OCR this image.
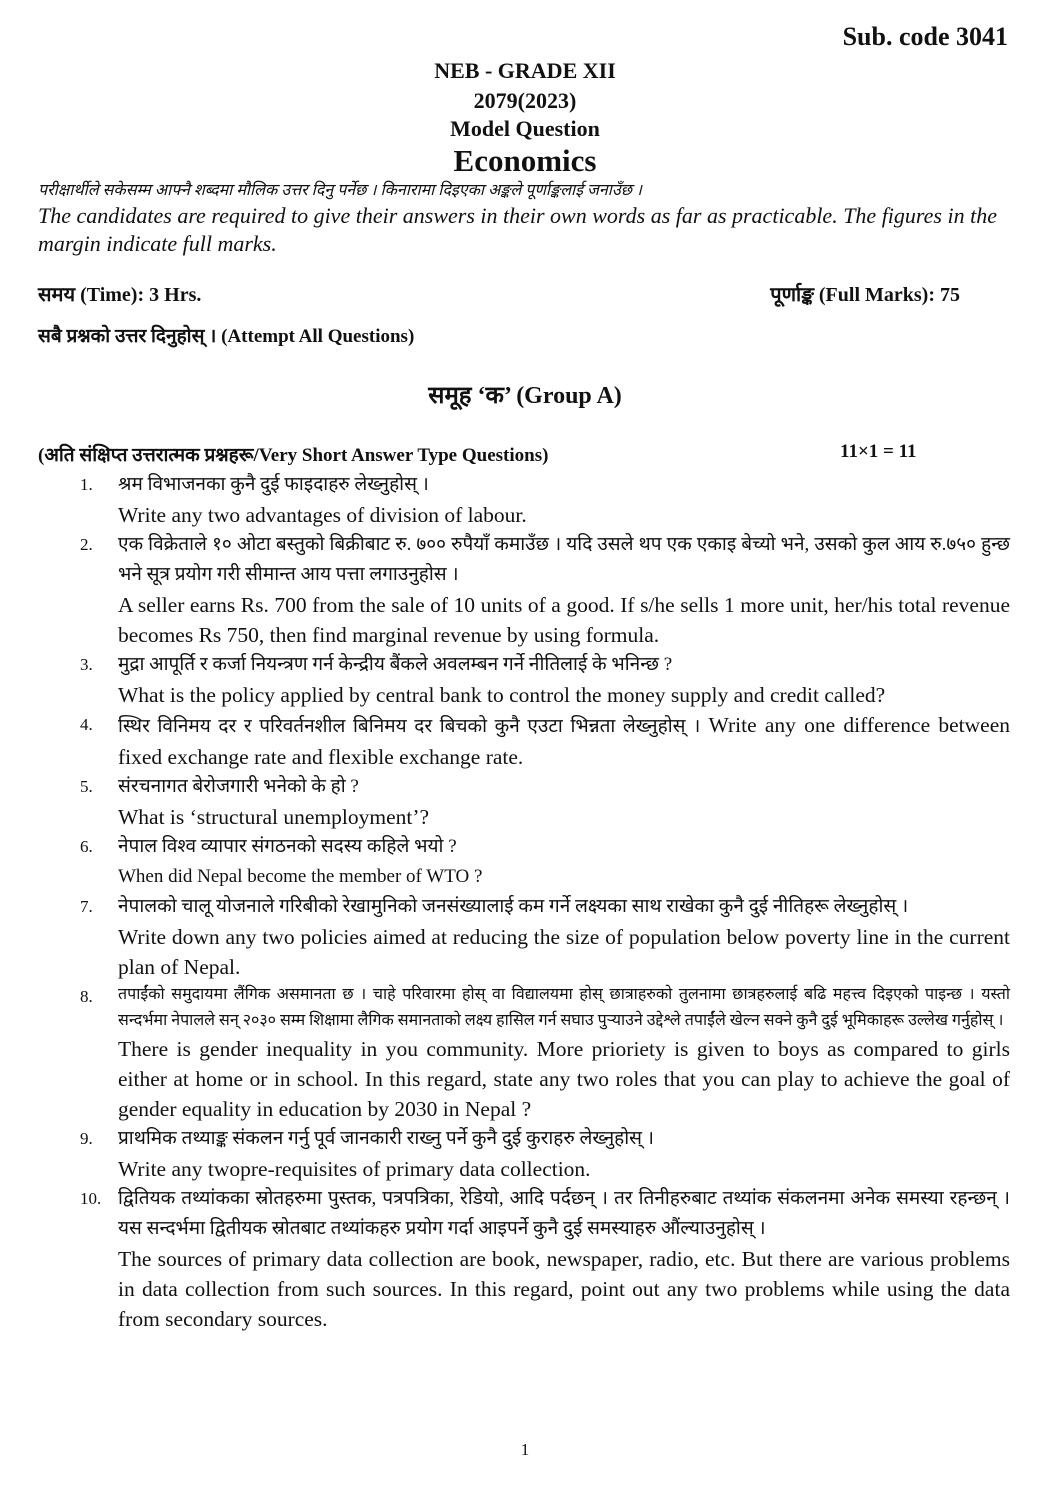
Sub. code 3041
NEB - GRADE XII
2079(2023)
Model Question
Economics
परीक्षार्थीले सकेसम्म आफ्नै शब्दमा मौलिक उत्तर दिनु पर्नेछ । किनारामा दिइएका अङ्कले पूर्णाङ्कलाई जनाउँछ ।
The candidates are required to give their answers in their own words as far as practicable. The figures in the margin indicate full marks.
समय (Time): 3 Hrs.	पूर्णाङ्क (Full Marks): 75
सबै प्रश्नको उत्तर दिनुहोस् । (Attempt All Questions)
समूह ‘क’ (Group A)
(अति संक्षिप्त उत्तरात्मक प्रश्नहरू/Very Short Answer Type Questions)	11×1 = 11
1.	श्रम विभाजनका कुनै दुई फाइदाहरु लेख्नुहोस् ।
Write any two advantages of division of labour.
2.	एक विक्रेताले १० ओटा बस्तुको बिक्रीबाट रु. ७०० रुपैयाँ कमाउँछ । यदि उसले थप एक एकाइ बेच्यो भने, उसको कुल आय रु.७५० हुन्छ भने सूत्र प्रयोग गरी सीमान्त आय पत्ता लगाउनुहोस ।
A seller earns Rs. 700 from the sale of 10 units of a good. If s/he sells 1 more unit, her/his total revenue becomes Rs 750, then find marginal revenue by using formula.
3.	मुद्रा आपूर्ति र कर्जा नियन्त्रण गर्न केन्द्रीय बैंकले अवलम्बन गर्ने नीतिलाई के भनिन्छ ?
What is the policy applied by central bank to control the money supply and credit called?
4.	स्थिर विनिमय दर र परिवर्तनशील बिनिमय दर बिचको कुनै एउटा भिन्नता लेख्नुहोस् । Write any one difference between fixed exchange rate and flexible exchange rate.
5.	संरचनागत बेरोजगारी भनेको के हो ?
What is ‘structural unemployment’?
6.	नेपाल विश्व व्यापार संगठनको सदस्य कहिले भयो ?
When did Nepal become the member of WTO ?
7.	नेपालको चालू योजनाले गरिबीको रेखामुनिको जनसंख्यालाई कम गर्ने लक्ष्यका साथ राखेका कुनै दुई नीतिहरू लेख्नुहोस् ।
Write down any two policies aimed at reducing the size of population below poverty line in the current plan of Nepal.
8.	तपाईंको समुदायमा लैंगिक असमानता छ । चाहे परिवारमा होस् वा विद्यालयमा होस् छात्राहरुको तुलनामा छात्रहरुलाई बढि महत्त्व दिइएको पाइन्छ । यस्तो सन्दर्भमा नेपालले सन् २०३० सम्म शिक्षामा लैगिक समानताको लक्ष्य हासिल गर्न सघाउ पुऱ्याउने उद्देश्ले तपाईंले खेल्न सक्ने कुनै दुई भूमिकाहरू उल्लेख गर्नुहोस् ।
There is gender inequality in you community. More prioriety is given to boys as compared to girls either at home or in school. In this regard, state any two roles that you can play to achieve the goal of gender equality in education by 2030 in Nepal ?
9.	प्राथमिक तथ्याङ्क संकलन गर्नु पूर्व जानकारी राख्नु पर्ने कुनै दुई कुराहरु लेख्नुहोस् ।
Write any twopre-requisites of primary data collection.
10. द्वितियक तथ्यांकका स्रोतहरुमा पुस्तक, पत्रपत्रिका, रेडियो, आदि पर्दछन् । तर तिनीहरुबाट तथ्यांक संकलनमा अनेक समस्या रहन्छन् । यस सन्दर्भमा द्वितीयक स्रोतबाट तथ्यांकहरु प्रयोग गर्दा आइपर्ने कुनै दुई समस्याहरु औंल्याउनुहोस् ।
The sources of primary data collection are book, newspaper, radio, etc. But there are various problems in data collection from such sources. In this regard, point out any two problems while using the data from secondary sources.
1
